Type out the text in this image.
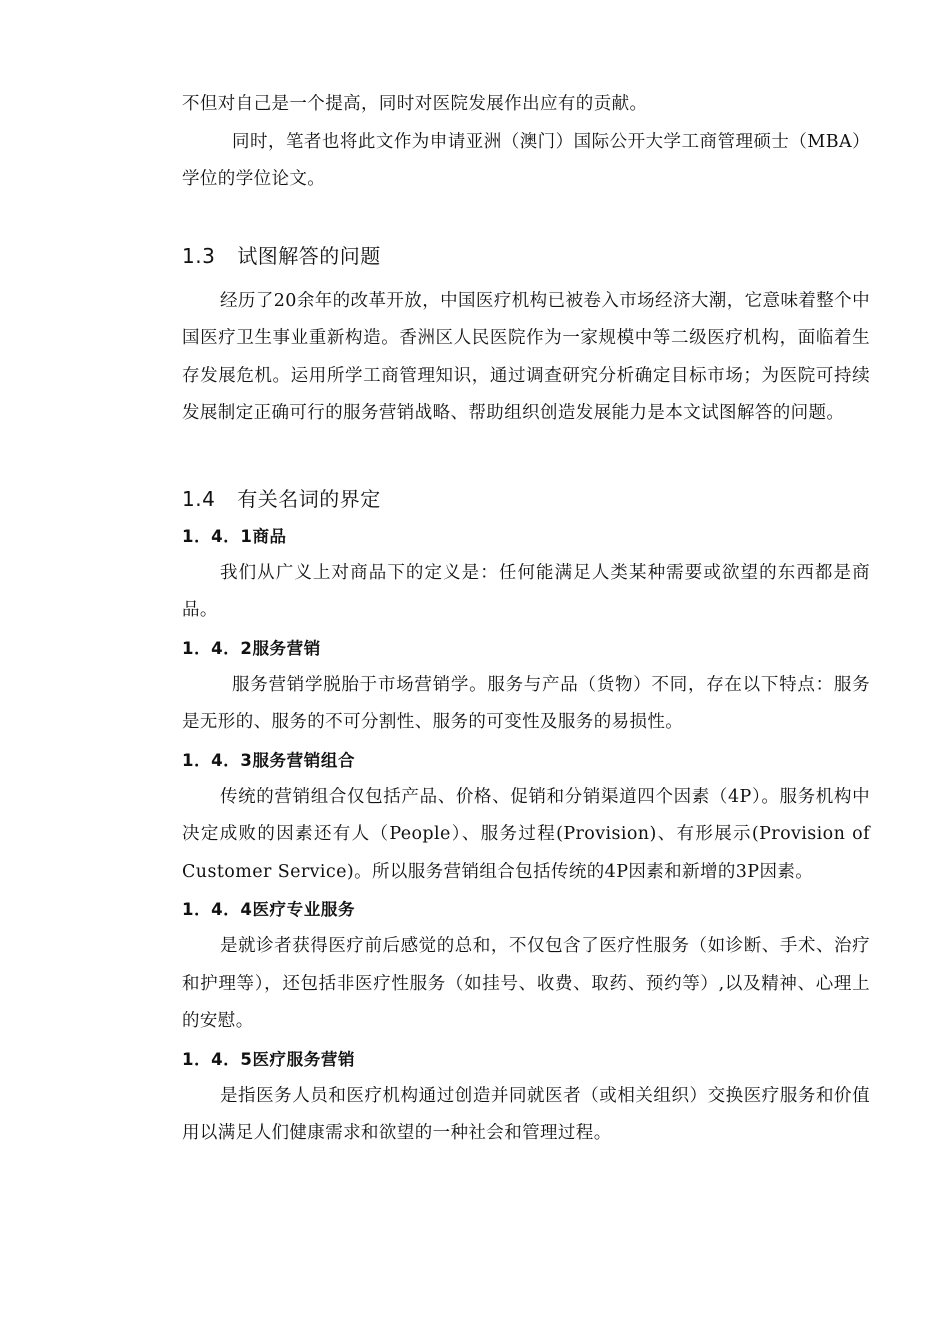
不但对自己是一个提高，同时对医院发展作出应有的贡献。

同时，笔者也将此文作为申请亚洲（澳门）国际公开大学工商管理硕士（MBA）学位的学位论文。

1.3 试图解答的问题

经历了20余年的改革开放，中国医疗机构已被卷入市场经济大潮，它意味着整个中国医疗卫生事业重新构造。香洲区人民医院作为一家规模中等二级医疗机构，面临着生存发展危机。运用所学工商管理知识，通过调查研究分析确定目标市场；为医院可持续发展制定正确可行的服务营销战略、帮助组织创造发展能力是本文试图解答的问题。

1.4 有关名词的界定
1．4．1商品

我们从广义上对商品下的定义是：任何能满足人类某种需要或欲望的东西都是商品。

1．4．2服务营销

服务营销学脱胎于市场营销学。服务与产品（货物）不同，存在以下特点：服务是无形的、服务的不可分割性、服务的可变性及服务的易损性。

1．4．3服务营销组合

传统的营销组合仅包括产品、价格、促销和分销渠道四个因素（4P）。服务机构中决定成败的因素还有人（People）、服务过程(Provision)、有形展示(Provision of Customer Service)。所以服务营销组合包括传统的4P因素和新增的3P因素。

1．4．4医疗专业服务

是就诊者获得医疗前后感觉的总和，不仅包含了医疗性服务（如诊断、手术、治疗和护理等），还包括非医疗性服务（如挂号、收费、取药、预约等）,以及精神、心理上的安慰。

1．4．5医疗服务营销

是指医务人员和医疗机构通过创造并同就医者（或相关组织）交换医疗服务和价值用以满足人们健康需求和欲望的一种社会和管理过程。
